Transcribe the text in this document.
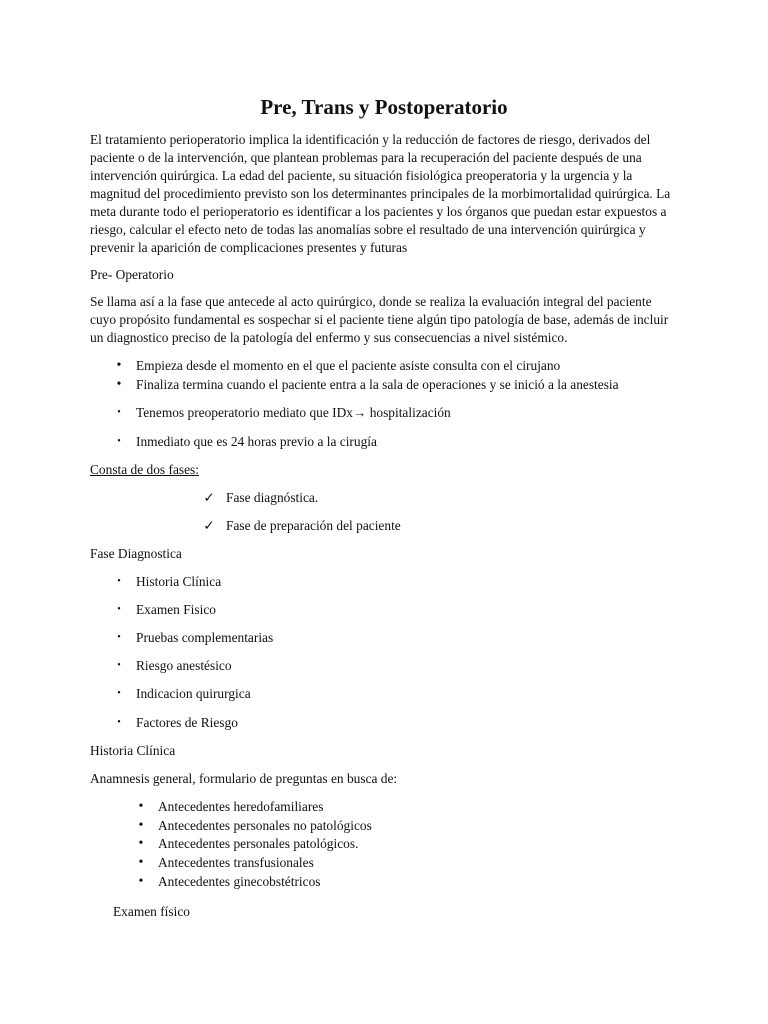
Pre, Trans y Postoperatorio

El tratamiento perioperatorio implica la identificación y la reducción de factores de riesgo, derivados del paciente o de la intervención, que plantean problemas para la recuperación del paciente después de una intervención quirúrgica. La edad del paciente, su situación fisiológica preoperatoria y la urgencia y la magnitud del procedimiento previsto son los determinantes principales de la morbimortalidad quirúrgica. La meta durante todo el perioperatorio es identificar a los pacientes y los órganos que puedan estar expuestos a riesgo, calcular el efecto neto de todas las anomalías sobre el resultado de una intervención quirúrgica y prevenir la aparición de complicaciones presentes y futuras

Pre- Operatorio

Se llama así a la fase que antecede al acto quirúrgico, donde se realiza la evaluación integral del paciente cuyo propósito fundamental es sospechar si el paciente tiene algún tipo patología de base, además de incluir un diagnostico preciso de la patología del enfermo y sus consecuencias a nivel sistémico.

•	Empieza desde el momento en el que el paciente asiste consulta con el cirujano
•	Finaliza termina cuando el paciente entra a la sala de operaciones y se inició a la anestesia
•	Tenemos preoperatorio mediato que IDx→ hospitalización
•	Inmediato que es 24 horas previo a la cirugía

Consta de dos fases:

✓ Fase diagnóstica.
✓ Fase de preparación del paciente

Fase Diagnostica

•	Historia Clínica
•	Examen Fisico
•	Pruebas complementarias
•	Riesgo anestésico
•	Indicacion quirurgica
•	Factores de Riesgo

Historia Clínica

Anamnesis general, formulario de preguntas en busca de:

•	Antecedentes heredofamiliares
•	Antecedentes personales no patológicos
•	Antecedentes personales patológicos.
•	Antecedentes transfusionales
•	Antecedentes ginecobstétricos

Examen físico
